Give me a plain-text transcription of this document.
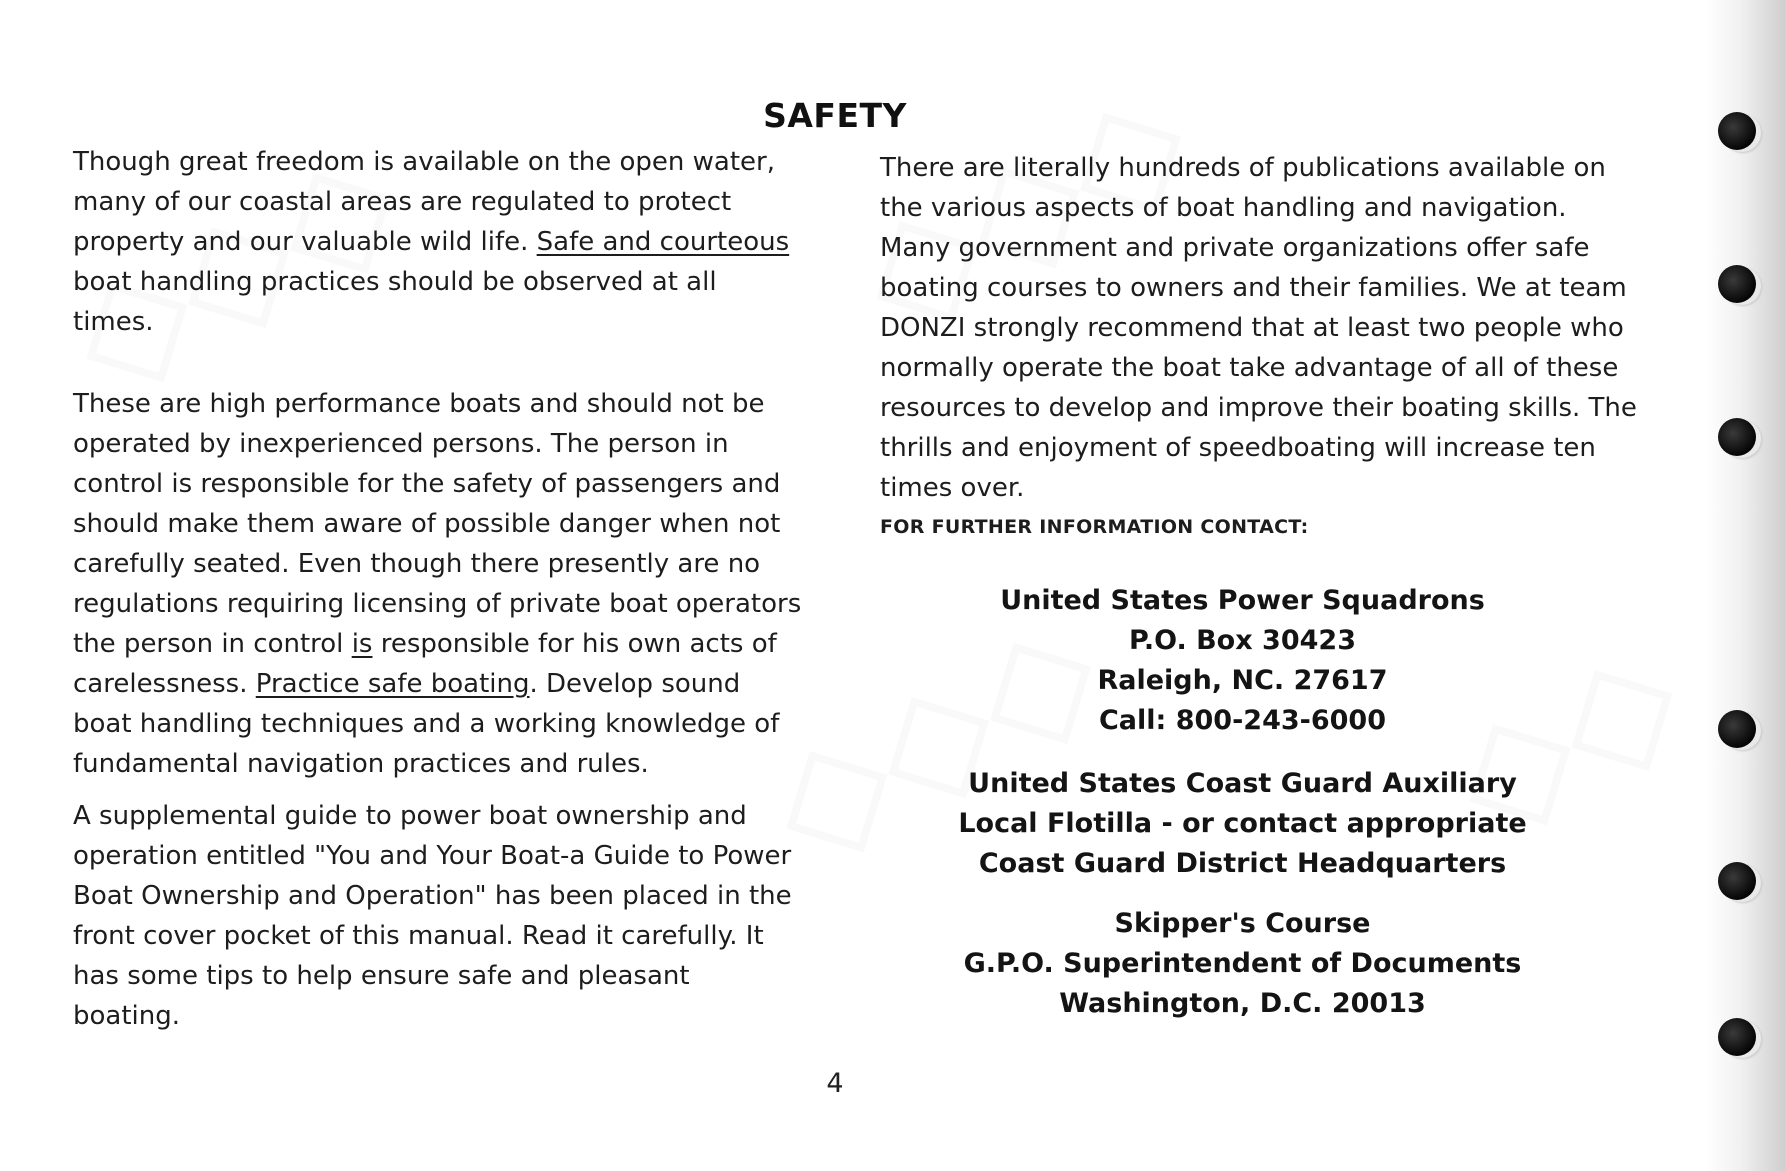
SAFETY

Though great freedom is available on the open water, many of our coastal areas are regulated to protect property and our valuable wild life. Safe and courteous boat handling practices should be observed at all times.

These are high performance boats and should not be operated by inexperienced persons. The person in control is responsible for the safety of passengers and should make them aware of possible danger when not carefully seated. Even though there presently are no regulations requiring licensing of private boat operators the person in control is responsible for his own acts of carelessness. Practice safe boating. Develop sound boat handling techniques and a working knowledge of fundamental navigation practices and rules.

A supplemental guide to power boat ownership and operation entitled "You and Your Boat-a Guide to Power Boat Ownership and Operation" has been placed in the front cover pocket of this manual. Read it carefully. It has some tips to help ensure safe and pleasant boating.

There are literally hundreds of publications available on the various aspects of boat handling and navigation. Many government and private organizations offer safe boating courses to owners and their families. We at team DONZI strongly recommend that at least two people who normally operate the boat take advantage of all of these resources to develop and improve their boating skills. The thrills and enjoyment of speedboating will increase ten times over.

FOR FURTHER INFORMATION CONTACT:

United States Power Squadrons
P.O. Box 30423
Raleigh, NC. 27617
Call: 800-243-6000
United States Coast Guard Auxiliary
Local Flotilla - or contact appropriate
Coast Guard District Headquarters
Skipper's Course
G.P.O. Superintendent of Documents
Washington, D.C. 20013
4
